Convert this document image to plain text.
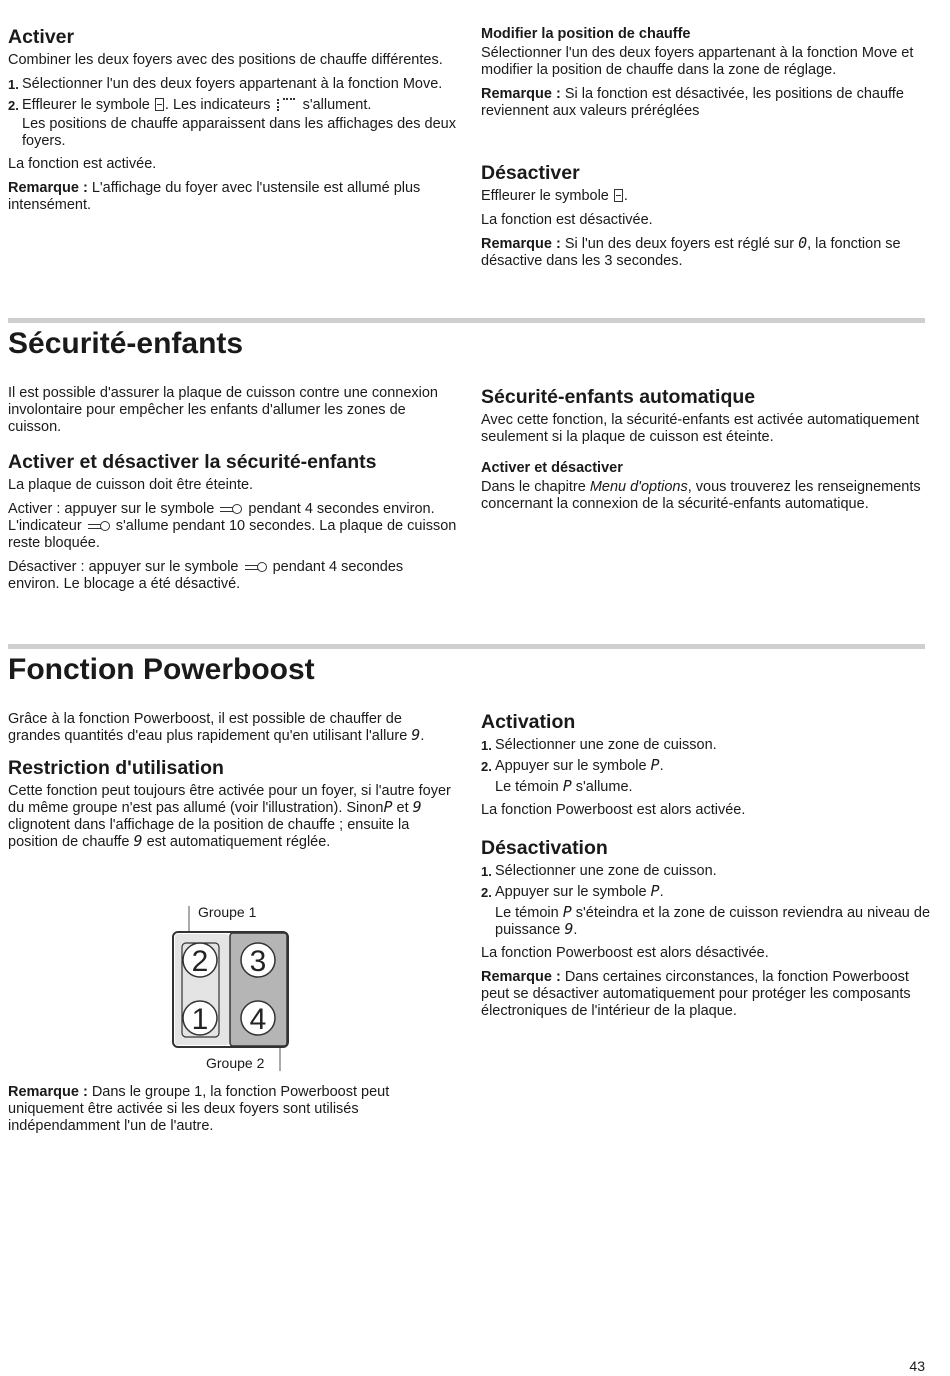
Activer

Combiner les deux foyers avec des positions de chauffe différentes.

1. Sélectionner l'un des deux foyers appartenant à la fonction Move.
2. Effleurer le symbole . Les indicateurs s'allument.

Les positions de chauffe apparaissent dans les affichages des deux foyers.

La fonction est activée.

Remarque : L'affichage du foyer avec l'ustensile est allumé plus intensément.

Modifier la position de chauffe

Sélectionner l'un des deux foyers appartenant à la fonction Move et modifier la position de chauffe dans la zone de réglage.

Remarque : Si la fonction est désactivée, les positions de chauffe reviennent aux valeurs préréglées

Désactiver

Effleurer le symbole .

La fonction est désactivée.

Remarque : Si l'un des deux foyers est réglé sur 0, la fonction se désactive dans les 3 secondes.

Sécurité-enfants

Il est possible d'assurer la plaque de cuisson contre une connexion involontaire pour empêcher les enfants d'allumer les zones de cuisson.

Activer et désactiver la sécurité-enfants

La plaque de cuisson doit être éteinte.

Activer : appuyer sur le symbole pendant 4 secondes environ. L'indicateur s'allume pendant 10 secondes. La plaque de cuisson reste bloquée.

Désactiver : appuyer sur le symbole pendant 4 secondes environ. Le blocage a été désactivé.

Sécurité-enfants automatique

Avec cette fonction, la sécurité-enfants est activée automatiquement seulement si la plaque de cuisson est éteinte.

Activer et désactiver

Dans le chapitre Menu d'options, vous trouverez les renseignements concernant la connexion de la sécurité-enfants automatique.

Fonction Powerboost

Grâce à la fonction Powerboost, il est possible de chauffer de grandes quantités d'eau plus rapidement qu'en utilisant l'allure 9.

Restriction d'utilisation

Cette fonction peut toujours être activée pour un foyer, si l'autre foyer du même groupe n'est pas allumé (voir l'illustration). SinonP et 9 clignotent dans l'affichage de la position de chauffe ; ensuite la position de chauffe 9 est automatiquement réglée.

2 3
1 4
Groupe 1
Groupe 2

Remarque : Dans le groupe 1, la fonction Powerboost peut uniquement être activée si les deux foyers sont utilisés indépendamment l'un de l'autre.

Activation
1. Sélectionner une zone de cuisson.
2. Appuyer sur le symbole P.

Le témoin P s'allume.

La fonction Powerboost est alors activée.

Désactivation
1. Sélectionner une zone de cuisson.
2. Appuyer sur le symbole P.

Le témoin P s'éteindra et la zone de cuisson reviendra au niveau de puissance 9.

La fonction Powerboost est alors désactivée.

Remarque : Dans certaines circonstances, la fonction Powerboost peut se désactiver automatiquement pour protéger les composants électroniques de l'intérieur de la plaque.

43
